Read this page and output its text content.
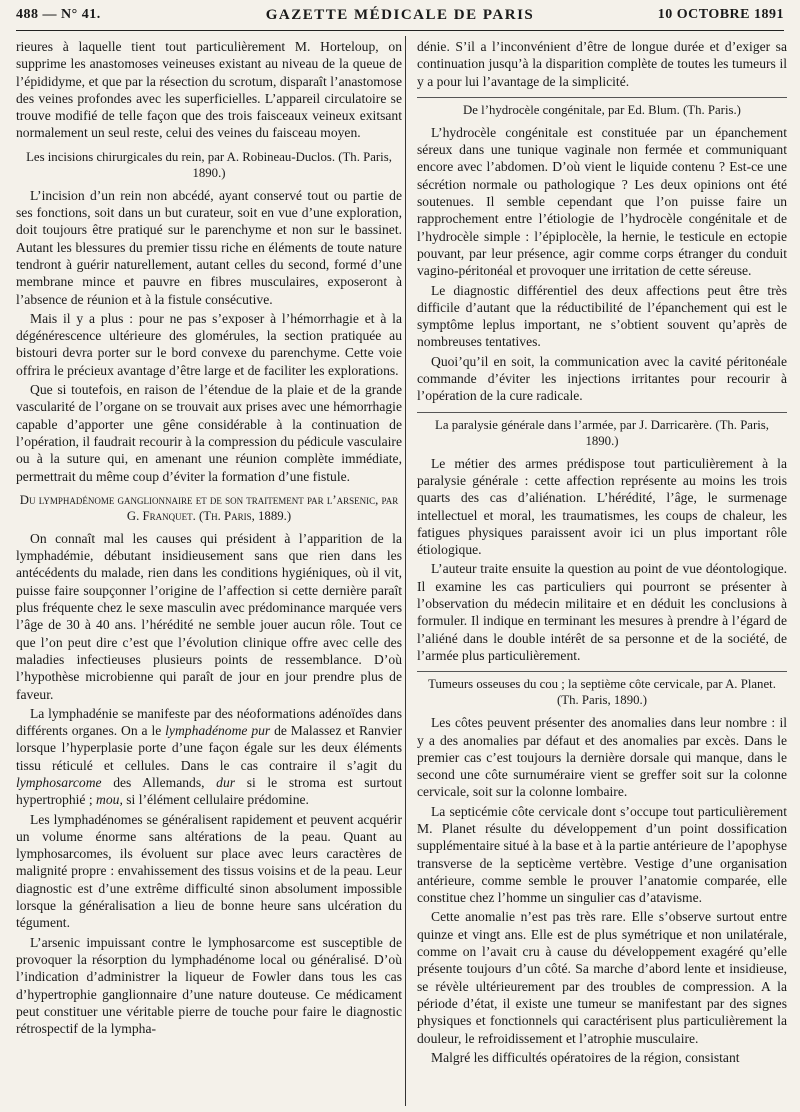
488 — N° 41.	GAZETTE MÉDICALE DE PARIS	10 OCTOBRE 1891

rieures à laquelle tient tout particulièrement M. Horteloup, on supprime les anastomoses veineuses existant au niveau de la queue de l’épididyme, et que par la résection du scrotum, disparaît l’anastomose des veines profondes avec les superficielles. L’appareil circulatoire se trouve modifié de telle façon que des trois faisceaux veineux exitsant normalement un seul reste, celui des veines du faisceau moyen.

Les incisions chirurgicales du rein, par A. Robineau-Duclos. (Th. Paris, 1890.)

L’incision d’un rein non abcédé, ayant conservé tout ou partie de ses fonctions, soit dans un but curateur, soit en vue d’une exploration, doit toujours être pratiqué sur le parenchyme et non sur le bassinet. Autant les blessures du premier tissu riche en éléments de toute nature tendront à guérir naturellement, autant celles du second, formé d’une membrane mince et pauvre en fibres musculaires, exposeront à l’absence de réunion et à la fistule consécutive.

Mais il y a plus : pour ne pas s’exposer à l’hémorrhagie et à la dégénérescence ultérieure des glomérules, la section pratiquée au bistouri devra porter sur le bord convexe du parenchyme. Cette voie offrira le précieux avantage d’être large et de faciliter les explorations.

Que si toutefois, en raison de l’étendue de la plaie et de la grande vascularité de l’organe on se trouvait aux prises avec une hémorrhagie capable d’apporter une gêne considérable à la continuation de l’opération, il faudrait recourir à la compression du pédicule vasculaire ou à la suture qui, en amenant une réunion complète immédiate, permettrait du même coup d’éviter la formation d’une fistule.

Du lymphadénome ganglionnaire et de son traitement par l’arsenic, par G. Franquet. (Th. Paris, 1889.)

On connaît mal les causes qui président à l’apparition de la lymphadémie, débutant insidieusement sans que rien dans les antécédents du malade, rien dans les conditions hygiéniques, où il vit, puisse faire soupçonner l’origine de l’affection si cette dernière paraît plus fréquente chez le sexe masculin avec prédominance marquée vers l’âge de 30 à 40 ans. l’hérédité ne semble jouer aucun rôle. Tout ce que l’on peut dire c’est que l’évolution clinique offre avec celle des maladies infectieuses plusieurs points de ressemblance. D’où l’hypothèse microbienne qui paraît de jour en jour prendre plus de faveur.

La lymphadénie se manifeste par des néoformations adénoïdes dans différents organes. On a le lymphadénome pur de Malassez et Ranvier lorsque l’hyperplasie porte d’une façon égale sur les deux éléments tissu réticulé et cellules. Dans le cas contraire il s’agit du lymphosarcome des Allemands, dur si le stroma est surtout hypertrophié ; mou, si l’élément cellulaire prédomine.

Les lymphadénomes se généralisent rapidement et peuvent acquérir un volume énorme sans altérations de la peau. Quant au lymphosarcomes, ils évoluent sur place avec leurs caractères de malignité propre : envahissement des tissus voisins et de la peau. Leur diagnostic est d’une extrême difficulté sinon absolument impossible lorsque la généralisation a lieu de bonne heure sans ulcération du tégument.

L’arsenic impuissant contre le lymphosarcome est susceptible de provoquer la résorption du lymphadénome local ou généralisé. D’où l’indication d’administrer la liqueur de Fowler dans tous les cas d’hypertrophie ganglionnaire d’une nature douteuse. Ce médicament peut constituer une véritable pierre de touche pour faire le diagnostic rétrospectif de la lympha-

dénie. S’il a l’inconvénient d’être de longue durée et d’exiger sa continuation jusqu’à la disparition complète de toutes les tumeurs il y a pour lui l’avantage de la simplicité.

De l’hydrocèle congénitale, par Ed. Blum. (Th. Paris.)

L’hydrocèle congénitale est constituée par un épanchement séreux dans une tunique vaginale non fermée et communiquant encore avec l’abdomen. D’où vient le liquide contenu ? Est-ce une sécrétion normale ou pathologique ? Les deux opinions ont été soutenues. Il semble cependant que l’on puisse faire un rapprochement entre l’étiologie de l’hydrocèle congénitale et de l’hydrocèle simple : l’épiplocèle, la hernie, le testicule en ectopie pouvant, par leur présence, agir comme corps étranger du conduit vagino-péritonéal et provoquer une irritation de cette séreuse.

Le diagnostic différentiel des deux affections peut être très difficile d’autant que la réductibilité de l’épanchement qui est le symptôme leplus important, ne s’obtient souvent qu’après de nombreuses tentatives.

Quoi’qu’il en soit, la communication avec la cavité péritonéale commande d’éviter les injections irritantes pour recourir à l’opération de la cure radicale.

La paralysie générale dans l’armée, par J. Darricarère. (Th. Paris, 1890.)

Le métier des armes prédispose tout particulièrement à la paralysie générale : cette affection représente au moins les trois quarts des cas d’aliénation. L’hérédité, l’âge, le surmenage intellectuel et moral, les traumatismes, les coups de chaleur, les fatigues physiques paraissent avoir ici un plus important rôle étiologique.

L’auteur traite ensuite la question au point de vue déontologique. Il examine les cas particuliers qui pourront se présenter à l’observation du médecin militaire et en déduit les conclusions à formuler. Il indique en terminant les mesures à prendre à l’égard de l’aliéné dans le double intérêt de sa personne et de la société, de l’armée plus particulièrement.

Tumeurs osseuses du cou ; la septième côte cervicale, par A. Planet. (Th. Paris, 1890.)

Les côtes peuvent présenter des anomalies dans leur nombre : il y a des anomalies par défaut et des anomalies par excès. Dans le premier cas c’est toujours la dernière dorsale qui manque, dans le second une côte surnuméraire vient se greffer soit sur la colonne cervicale, soit sur la colonne lombaire.

La septicémie côte cervicale dont s’occupe tout particulièrement M. Planet résulte du développement d’un point dossification supplémentaire situé à la base et à la partie antérieure de l’apophyse transverse de la septicème vertèbre. Vestige d’une organisation antérieure, comme semble le prouver l’anatomie comparée, elle constitue chez l’homme un singulier cas d’atavisme.

Cette anomalie n’est pas très rare. Elle s’observe surtout entre quinze et vingt ans. Elle est de plus symétrique et non unilatérale, comme on l’avait cru à cause du développement exagéré qu’elle présente toujours d’un côté. Sa marche d’abord lente et insidieuse, se révèle ultérieurement par des troubles de compression. A la période d’état, il existe une tumeur se manifestant par des signes physiques et fonctionnels qui caractérisent plus particulièrement la douleur, le refroidissement et l’atrophie musculaire.

Malgré les difficultés opératoires de la région, consistant
